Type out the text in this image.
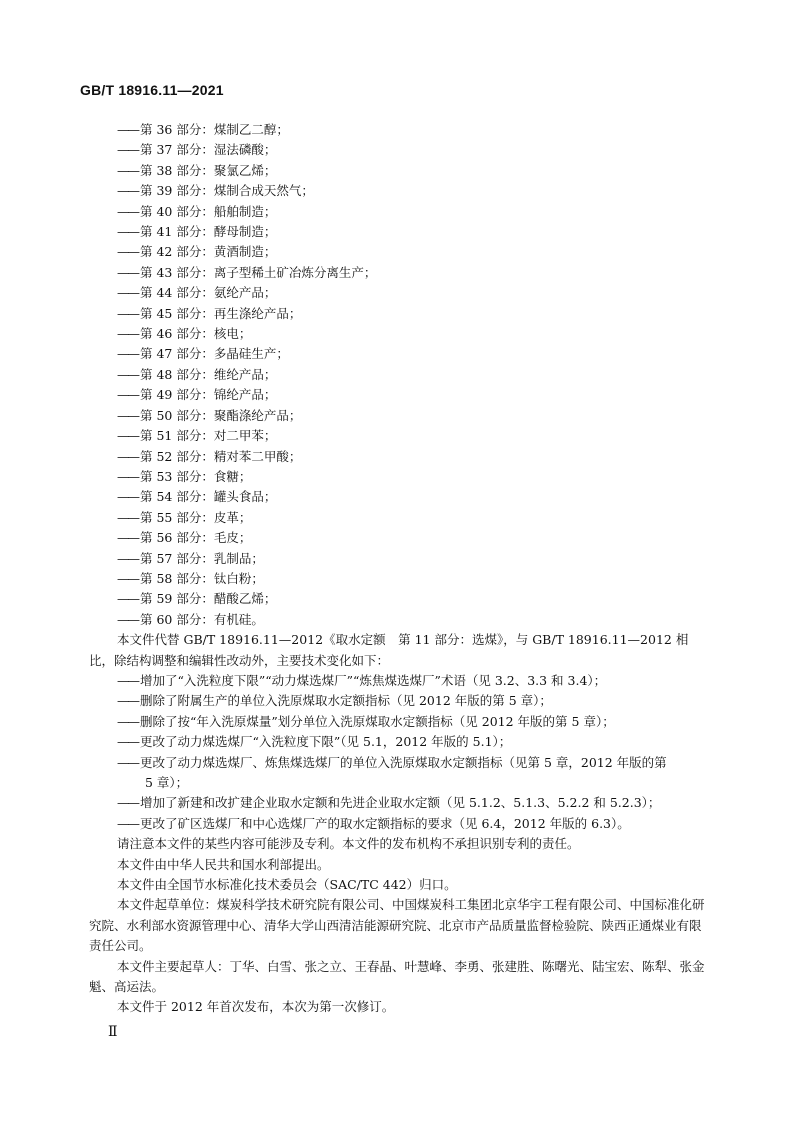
GB/T 18916.11—2021
—— 第 36 部分：煤制乙二醇；
—— 第 37 部分：湿法磷酸；
—— 第 38 部分：聚氯乙烯；
—— 第 39 部分：煤制合成天然气；
—— 第 40 部分：船舶制造；
—— 第 41 部分：酵母制造；
—— 第 42 部分：黄酒制造；
—— 第 43 部分：离子型稀土矿冶炼分离生产；
—— 第 44 部分：氨纶产品；
—— 第 45 部分：再生涤纶产品；
—— 第 46 部分：核电；
—— 第 47 部分：多晶硅生产；
—— 第 48 部分：维纶产品；
—— 第 49 部分：锦纶产品；
—— 第 50 部分：聚酯涤纶产品；
—— 第 51 部分：对二甲苯；
—— 第 52 部分：精对苯二甲酸；
—— 第 53 部分：食糖；
—— 第 54 部分：罐头食品；
—— 第 55 部分：皮革；
—— 第 56 部分：毛皮；
—— 第 57 部分：乳制品；
—— 第 58 部分：钛白粉；
—— 第 59 部分：醋酸乙烯；
—— 第 60 部分：有机硅。
本文件代替 GB/T 18916.11—2012《取水定额　第 11 部分：选煤》，与 GB/T 18916.11—2012 相比，除结构调整和编辑性改动外，主要技术变化如下：
—— 增加了“入洗粒度下限”“动力煤选煤厂”“炼焦煤选煤厂”术语（见 3.2、3.3 和 3.4）；
—— 删除了附属生产的单位入洗原煤取水定额指标（见 2012 年版的第 5 章）；
—— 删除了按“年入洗原煤量”划分单位入洗原煤取水定额指标（见 2012 年版的第 5 章）；
—— 更改了动力煤选煤厂“入洗粒度下限”（见 5.1，2012 年版的 5.1）；
—— 更改了动力煤选煤厂、炼焦煤选煤厂的单位入洗原煤取水定额指标（见第 5 章，2012 年版的第
5 章）；
—— 增加了新建和改扩建企业取水定额和先进企业取水定额（见 5.1.2、5.1.3、5.2.2 和 5.2.3）；
—— 更改了矿区选煤厂和中心选煤厂产的取水定额指标的要求（见 6.4，2012 年版的 6.3）。
请注意本文件的某些内容可能涉及专利。本文件的发布机构不承担识别专利的责任。
本文件由中华人民共和国水利部提出。
本文件由全国节水标准化技术委员会（SAC/TC 442）归口。
本文件起草单位：煤炭科学技术研究院有限公司、中国煤炭科工集团北京华宇工程有限公司、中国标准化研究院、水利部水资源管理中心、清华大学山西清洁能源研究院、北京市产品质量监督检验院、陕西正通煤业有限责任公司。
本文件主要起草人：丁华、白雪、张之立、王春晶、叶慧峰、李勇、张建胜、陈曙光、陆宝宏、陈犁、张金魁、高运法。
本文件于 2012 年首次发布，本次为第一次修订。
Ⅱ
